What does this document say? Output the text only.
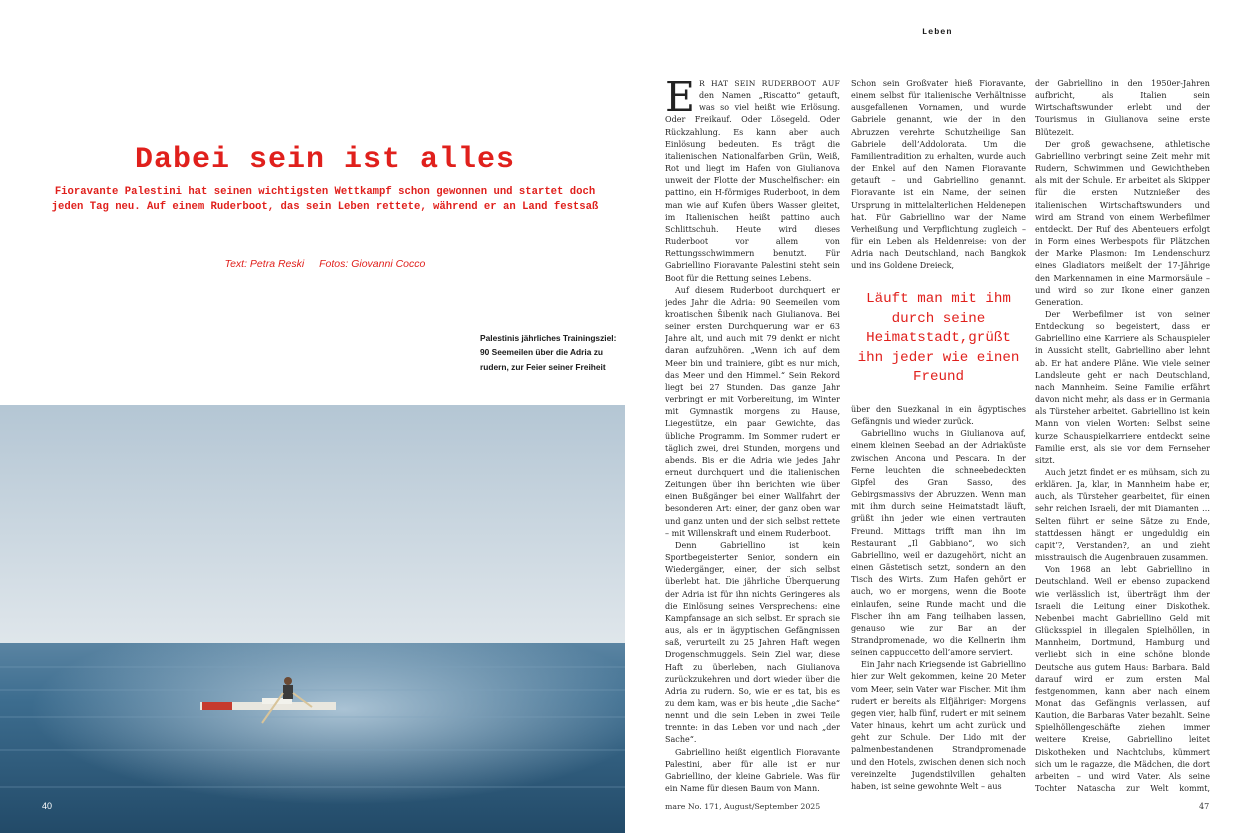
Dabei sein ist alles

Fioravante Palestini hat seinen wichtigsten Wettkampf schon gewonnen und startet doch jeden Tag neu. Auf einem Ruderboot, das sein Leben rettete, während er an Land festsaß

Text: Petra Reski Fotos: Giovanni Cocco

Palestinis jährliches Trainingsziel: 90 Seemeilen über die Adria zu rudern, zur Feier seiner Freiheit

40
Leben

E R HAT SEIN RUDERBOOT AUF den Namen „Riscatto“ getauft, was so viel heißt wie Erlösung. Oder Freikauf. Oder Lösegeld. Oder Rückzahlung. Es kann aber auch Einlösung bedeuten. Es trägt die italienischen Nationalfarben Grün, Weiß, Rot und liegt im Hafen von Giulianova unweit der Flotte der Muschelfischer: ein pattino, ein H-förmiges Ruderboot, in dem man wie auf Kufen übers Wasser gleitet, im Italienischen heißt pattino auch Schlittschuh. Heute wird dieses Ruderboot vor allem von Rettungsschwimmern benutzt. Für Gabriellino Fioravante Palestini steht sein Boot für die Rettung seines Lebens.

Auf diesem Ruderboot durchquert er jedes Jahr die Adria: 90 Seemeilen vom kroatischen Šibenik nach Giulianova. Bei seiner ersten Durchquerung war er 63 Jahre alt, und auch mit 79 denkt er nicht daran aufzuhören. „Wenn ich auf dem Meer bin und trainiere, gibt es nur mich, das Meer und den Himmel.“ Sein Rekord liegt bei 27 Stunden. Das ganze Jahr verbringt er mit Vorbereitung, im Winter mit Gymnastik morgens zu Hause, Liegestütze, ein paar Gewichte, das übliche Programm. Im Sommer rudert er täglich zwei, drei Stunden, morgens und abends. Bis er die Adria wie jedes Jahr erneut durchquert und die italienischen Zeitungen über ihn berichten wie über einen Bußgänger bei einer Wallfahrt der besonderen Art: einer, der ganz oben war und ganz unten und der sich selbst rettete – mit Willenskraft und einem Ruderboot.

Denn Gabriellino ist kein Sportbegeisterter Senior, sondern ein Wiedergänger, einer, der sich selbst überlebt hat. Die jährliche Überquerung der Adria ist für ihn nichts Geringeres als die Einlösung seines Versprechens: eine Kampfansage an sich selbst. Er sprach sie aus, als er in ägyptischen Gefängnissen saß, verurteilt zu 25 Jahren Haft wegen Drogenschmuggels. Sein Ziel war, diese Haft zu überleben, nach Giulianova zurückzukehren und dort wieder über die Adria zu rudern. So, wie er es tat, bis es zu dem kam, was er bis heute „die Sache“ nennt und die sein Leben in zwei Teile trennte: in das Leben vor und nach „der Sache“.

Gabriellino heißt eigentlich Fioravante Palestini, aber für alle ist er nur Gabriellino, der kleine Gabriele. Was für ein Name für diesen Baum von Mann.

Schon sein Großvater hieß Fioravante, einem selbst für italienische Verhältnisse ausgefallenen Vornamen, und wurde Gabriele genannt, wie der in den Abruzzen verehrte Schutzheilige San Gabriele dell’Addolorata. Um die Familientradition zu erhalten, wurde auch der Enkel auf den Namen Fioravante getauft – und Gabriellino genannt. Fioravante ist ein Name, der seinen Ursprung in mittelalterlichen Heldenepen hat. Für Gabriellino war der Name Verheißung und Verpflichtung zugleich – für ein Leben als Heldenreise: von der Adria nach Deutschland, nach Bangkok und ins Goldene Dreieck,

Läuft man mit ihm durch seine Heimatstadt,grüßt ihn jeder wie einen Freund

über den Suezkanal in ein ägyptisches Gefängnis und wieder zurück.

Gabriellino wuchs in Giulianova auf, einem kleinen Seebad an der Adriaküste zwischen Ancona und Pescara. In der Ferne leuchten die schneebedeckten Gipfel des Gran Sasso, des Gebirgsmassivs der Abruzzen. Wenn man mit ihm durch seine Heimatstadt läuft, grüßt ihn jeder wie einen vertrauten Freund. Mittags trifft man ihn im Restaurant „Il Gabbiano“, wo sich Gabriellino, weil er dazugehört, nicht an einen Gästetisch setzt, sondern an den Tisch des Wirts. Zum Hafen gehört er auch, wo er morgens, wenn die Boote einlaufen, seine Runde macht und die Fischer ihn am Fang teilhaben lassen, genauso wie zur Bar an der Strandpromenade, wo die Kellnerin ihm seinen cappuccetto dell’amore serviert.

Ein Jahr nach Kriegsende ist Gabriellino hier zur Welt gekommen, keine 20 Meter vom Meer, sein Vater war Fischer. Mit ihm rudert er bereits als Elfjähriger: Morgens gegen vier, halb fünf, rudert er mit seinem Vater hinaus, kehrt um acht zurück und geht zur Schule. Der Lido mit der palmenbestandenen Strandpromenade und den Hotels, zwischen denen sich noch vereinzelte Jugendstilvillen gehalten haben, ist seine gewohnte Welt – aus

der Gabriellino in den 1950er-Jahren aufbricht, als Italien sein Wirtschaftswunder erlebt und der Tourismus in Giulianova seine erste Blütezeit.

Der groß gewachsene, athletische Gabriellino verbringt seine Zeit mehr mit Rudern, Schwimmen und Gewichtheben als mit der Schule. Er arbeitet als Skipper für die ersten Nutznießer des italienischen Wirtschaftswunders und wird am Strand von einem Werbefilmer entdeckt. Der Ruf des Abenteuers erfolgt in Form eines Werbespots für Plätzchen der Marke Plasmon: Im Lendenschurz eines Gladiators meißelt der 17-Jährige den Markennamen in eine Marmorsäule – und wird so zur Ikone einer ganzen Generation.

Der Werbefilmer ist von seiner Entdeckung so begeistert, dass er Gabriellino eine Karriere als Schauspieler in Aussicht stellt, Gabriellino aber lehnt ab. Er hat andere Pläne. Wie viele seiner Landsleute geht er nach Deutschland, nach Mannheim. Seine Familie erfährt davon nicht mehr, als dass er in Germania als Türsteher arbeitet. Gabriellino ist kein Mann von vielen Worten: Selbst seine kurze Schauspielkarriere entdeckt seine Familie erst, als sie vor dem Fernseher sitzt.

Auch jetzt findet er es mühsam, sich zu erklären. Ja, klar, in Mannheim habe er, auch, als Türsteher gearbeitet, für einen sehr reichen Israeli, der mit Diamanten … Selten führt er seine Sätze zu Ende, stattdessen hängt er ungeduldig ein capit’?, Verstanden?, an und zieht misstrauisch die Augenbrauen zusammen.

Von 1968 an lebt Gabriellino in Deutschland. Weil er ebenso zupackend wie verlässlich ist, überträgt ihm der Israeli die Leitung einer Diskothek. Nebenbei macht Gabriellino Geld mit Glücksspiel in illegalen Spielhöllen, in Mannheim, Dortmund, Hamburg und verliebt sich in eine schöne blonde Deutsche aus gutem Haus: Barbara. Bald darauf wird er zum ersten Mal festgenommen, kann aber nach einem Monat das Gefängnis verlassen, auf Kaution, die Barbaras Vater bezahlt. Seine Spielhöllengeschäfte ziehen immer weitere Kreise, Gabriellino leitet Diskotheken und Nachtclubs, kümmert sich um le ragazze, die Mädchen, die dort arbeiten – und wird Vater. Als seine Tochter Natascha zur Welt kommt,

mare No. 171, August/September 2025	47
